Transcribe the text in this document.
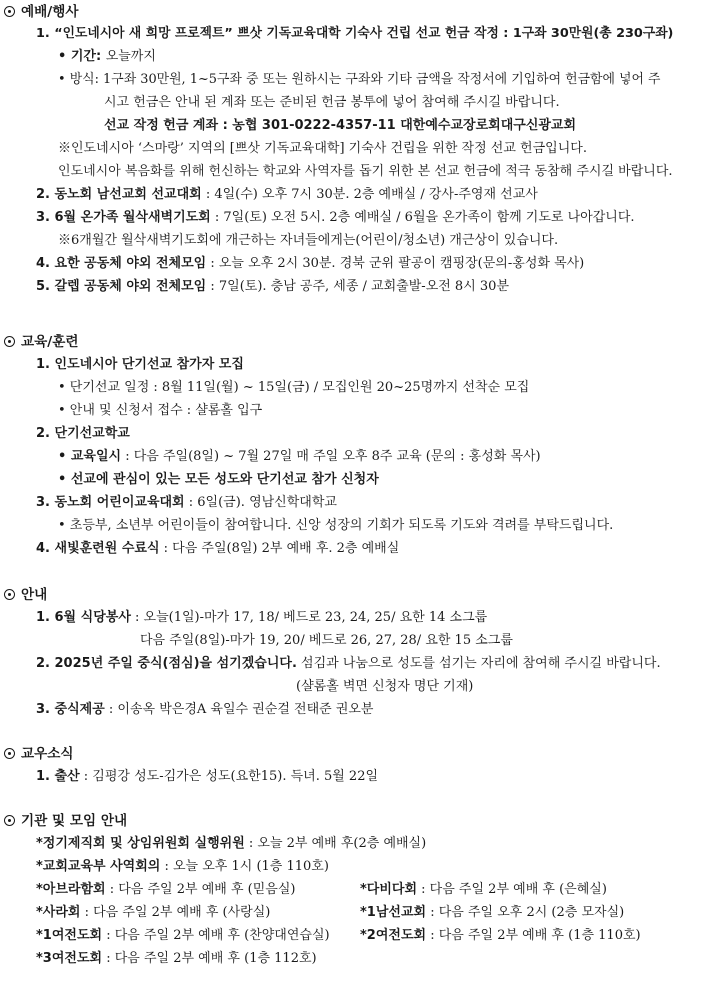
예배/행사
1. “인도네시아 새 희망 프로젝트” 쁘삿 기독교육대학 기숙사 건립 선교 헌금 작정 : 1구좌 30만원(총 230구좌)
• 기간: 오늘까지
• 방식: 1구좌 30만원, 1~5구좌 중 또는 원하시는 구좌와 기타 금액을 작정서에 기입하여 헌금함에 넣어 주
시고 헌금은 안내 된 계좌 또는 준비된 헌금 봉투에 넣어 참여해 주시길 바랍니다.
선교 작정 헌금 계좌 : 농협 301-0222-4357-11 대한예수교장로회대구신광교회
※인도네시아 ‘스마랑’ 지역의 [쁘삿 기독교육대학] 기숙사 건립을 위한 작정 선교 헌금입니다.
인도네시아 복음화를 위해 헌신하는 학교와 사역자를 돕기 위한 본 선교 헌금에 적극 동참해 주시길 바랍니다.
2. 동노회 남선교회 선교대회 : 4일(수) 오후 7시 30분. 2층 예배실 / 강사-주영재 선교사
3. 6월 온가족 월삭새벽기도회 : 7일(토) 오전 5시. 2층 예배실 / 6월을 온가족이 함께 기도로 나아갑니다.
※6개월간 월삭새벽기도회에 개근하는 자녀들에게는(어린이/청소년) 개근상이 있습니다.
4. 요한 공동체 야외 전체모임 : 오늘 오후 2시 30분. 경북 군위 팔공이 캠핑장(문의-홍성화 목사)
5. 갈렙 공동체 야외 전체모임 : 7일(토). 충남 공주, 세종 / 교회출발-오전 8시 30분
교육/훈련
1. 인도네시아 단기선교 참가자 모집
• 단기선교 일정 : 8월 11일(월) ~ 15일(금) / 모집인원 20~25명까지 선착순 모집
• 안내 및 신청서 접수 : 샬롬홀 입구
2. 단기선교학교
• 교육일시 : 다음 주일(8일) ~ 7월 27일 매 주일 오후 8주 교육 (문의 : 홍성화 목사)
• 선교에 관심이 있는 모든 성도와 단기선교 참가 신청자
3. 동노회 어린이교육대회 : 6일(금). 영남신학대학교
• 초등부, 소년부 어린이들이 참여합니다. 신앙 성장의 기회가 되도록 기도와 격려를 부탁드립니다.
4. 새빛훈련원 수료식 : 다음 주일(8일) 2부 예배 후. 2층 예배실
안내
1. 6월 식당봉사 : 오늘(1일)-마가 17, 18/ 베드로 23, 24, 25/ 요한 14 소그룹
다음 주일(8일)-마가 19, 20/ 베드로 26, 27, 28/ 요한 15 소그룹
2. 2025년 주일 중식(점심)을 섬기겠습니다. 섬김과 나눔으로 성도를 섬기는 자리에 참여해 주시길 바랍니다.
(샬롬홀 벽면 신청자 명단 기재)
3. 중식제공 : 이송옥 박은경A 육일수 권순걸 전태준 권오분
교우소식
1. 출산 : 김평강 성도-김가은 성도(요한15). 득녀. 5월 22일
기관 및 모임 안내
*정기제직회 및 상임위원회 실행위원 : 오늘 2부 예배 후(2층 예배실)
*교회교육부 사역회의 : 오늘 오후 1시 (1층 110호)
*아브라함회 : 다음 주일 2부 예배 후 (믿음실)	*다비다회 : 다음 주일 2부 예배 후 (은혜실)
*사라회 : 다음 주일 2부 예배 후 (사랑실)	*1남선교회 : 다음 주일 오후 2시 (2층 모자실)
*1여전도회 : 다음 주일 2부 예배 후 (찬양대연습실) *2여전도회 : 다음 주일 2부 예배 후 (1층 110호)
*3여전도회 : 다음 주일 2부 예배 후 (1층 112호)
